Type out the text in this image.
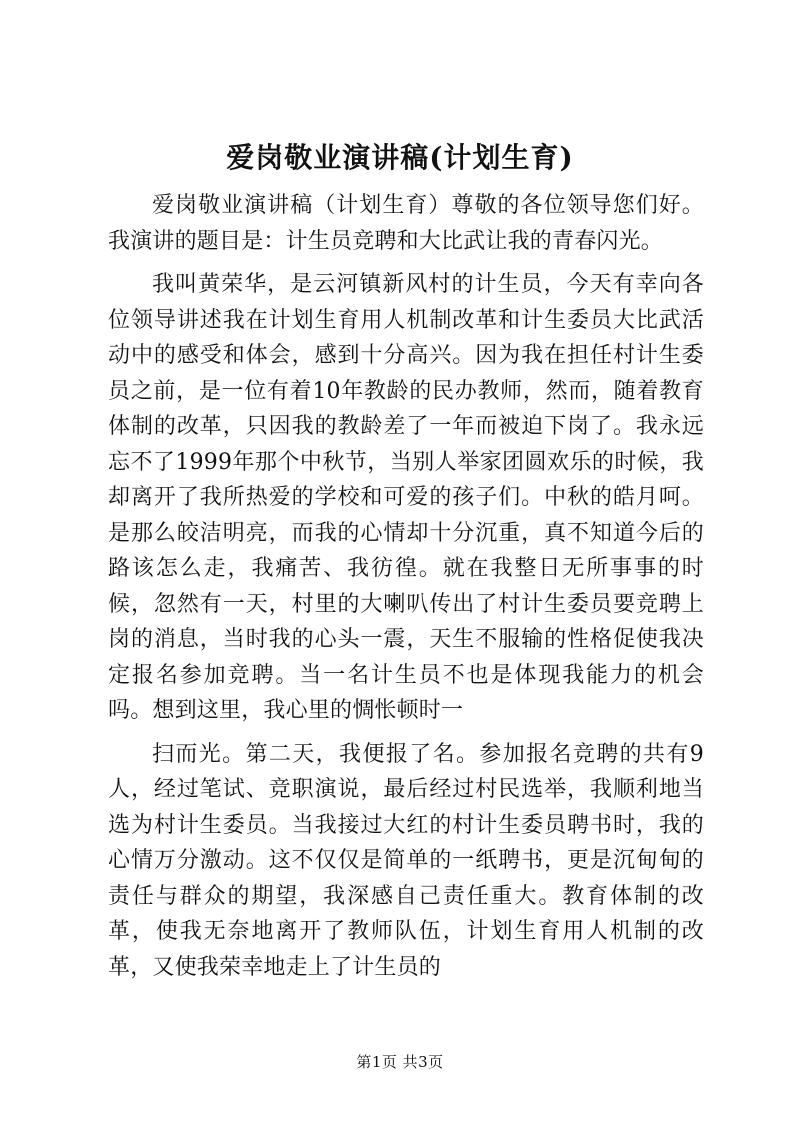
爱岗敬业演讲稿(计划生育)

爱岗敬业演讲稿（计划生育）尊敬的各位领导您们好。我演讲的题目是：计生员竞聘和大比武让我的青春闪光。

我叫黄荣华，是云河镇新风村的计生员，今天有幸向各位领导讲述我在计划生育用人机制改革和计生委员大比武活动中的感受和体会，感到十分高兴。因为我在担任村计生委员之前，是一位有着10年教龄的民办教师，然而，随着教育体制的改革，只因我的教龄差了一年而被迫下岗了。我永远忘不了1999年那个中秋节，当别人举家团圆欢乐的时候，我却离开了我所热爱的学校和可爱的孩子们。中秋的皓月呵。是那么皎洁明亮，而我的心情却十分沉重，真不知道今后的路该怎么走，我痛苦、我彷徨。就在我整日无所事事的时候，忽然有一天，村里的大喇叭传出了村计生委员要竞聘上岗的消息，当时我的心头一震，天生不服输的性格促使我决定报名参加竞聘。当一名计生员不也是体现我能力的机会吗。想到这里，我心里的惆怅顿时一

扫而光。第二天，我便报了名。参加报名竞聘的共有9人，经过笔试、竞职演说，最后经过村民选举，我顺利地当选为村计生委员。当我接过大红的村计生委员聘书时，我的心情万分激动。这不仅仅是简单的一纸聘书，更是沉甸甸的责任与群众的期望，我深感自己责任重大。教育体制的改革，使我无奈地离开了教师队伍，计划生育用人机制的改革，又使我荣幸地走上了计生员的

第1页 共3页
